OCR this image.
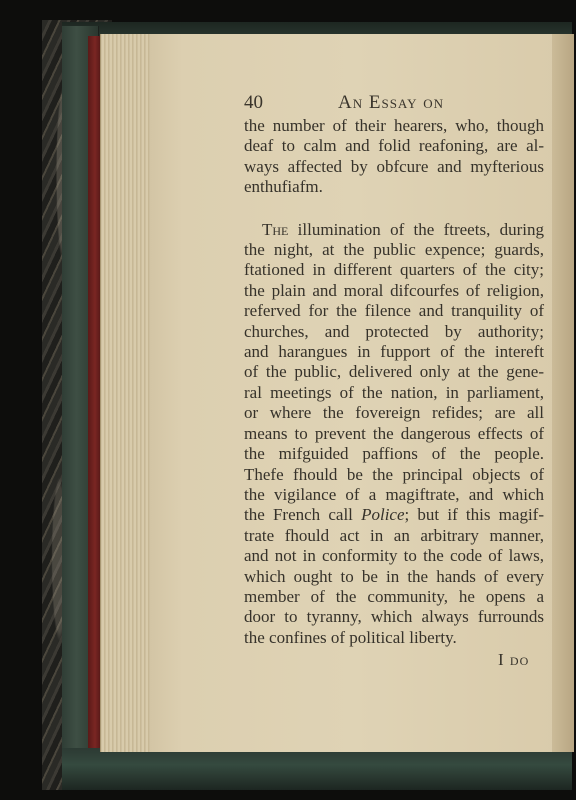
40	An Essay on
the number of their hearers, who, though
deaf to calm and folid reafoning, are al-
ways affected by obfcure and myfterious
enthufiafm.
The illumination of the ftreets, during
the night, at the public expence; guards,
ftationed in different quarters of the city;
the plain and moral difcourfes of religion,
referved for the filence and tranquility of
churches, and protected by authority;
and harangues in fupport of the intereft
of the public, delivered only at the gene-
ral meetings of the nation, in parliament,
or where the fovereign refides; are all
means to prevent the dangerous effects of
the mifguided paffions of the people.
Thefe fhould be the principal objects of
the vigilance of a magiftrate, and which
the French call Police; but if this magif-
trate fhould act in an arbitrary manner,
and not in conformity to the code of laws,
which ought to be in the hands of every
member of the community, he opens a
door to tyranny, which always furrounds
the confines of political liberty.
I do
